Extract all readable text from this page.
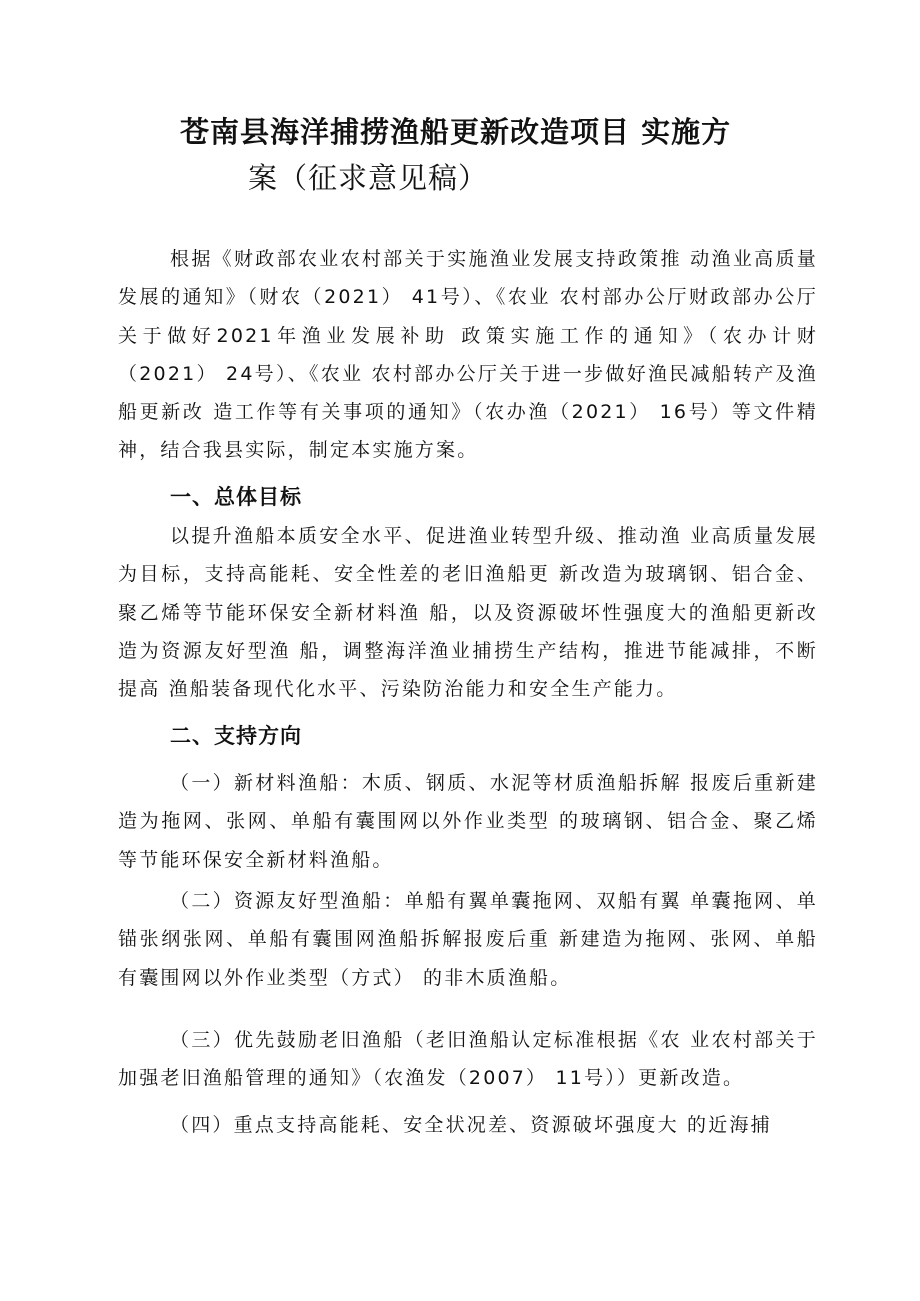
苍南县海洋捕捞渔船更新改造项目 实施方
案（征求意见稿）

根据《财政部农业农村部关于实施渔业发展支持政策推 动渔业高质量发展的通知》（财农（2021） 41号）、《农业 农村部办公厅财政部办公厅关于做好2021年渔业发展补助 政策实施工作的通知》（农办计财（2021） 24号）、《农业 农村部办公厅关于进一步做好渔民减船转产及渔船更新改 造工作等有关事项的通知》（农办渔（2021） 16号）等文件精神，结合我县实际，制定本实施方案。

一、总体目标

以提升渔船本质安全水平、促进渔业转型升级、推动渔 业高质量发展为目标，支持高能耗、安全性差的老旧渔船更 新改造为玻璃钢、铝合金、聚乙烯等节能环保安全新材料渔 船，以及资源破坏性强度大的渔船更新改造为资源友好型渔 船，调整海洋渔业捕捞生产结构，推进节能减排，不断提高 渔船装备现代化水平、污染防治能力和安全生产能力。

二、支持方向

（一）新材料渔船：木质、钢质、水泥等材质渔船拆解 报废后重新建造为拖网、张网、单船有囊围网以外作业类型 的玻璃钢、铝合金、聚乙烯等节能环保安全新材料渔船。

（二）资源友好型渔船：单船有翼单囊拖网、双船有翼 单囊拖网、单锚张纲张网、单船有囊围网渔船拆解报废后重 新建造为拖网、张网、单船有囊围网以外作业类型（方式） 的非木质渔船。

（三）优先鼓励老旧渔船（老旧渔船认定标准根据《农 业农村部关于加强老旧渔船管理的通知》（农渔发（2007） 11号））更新改造。

（四）重点支持高能耗、安全状况差、资源破坏强度大 的近海捕
